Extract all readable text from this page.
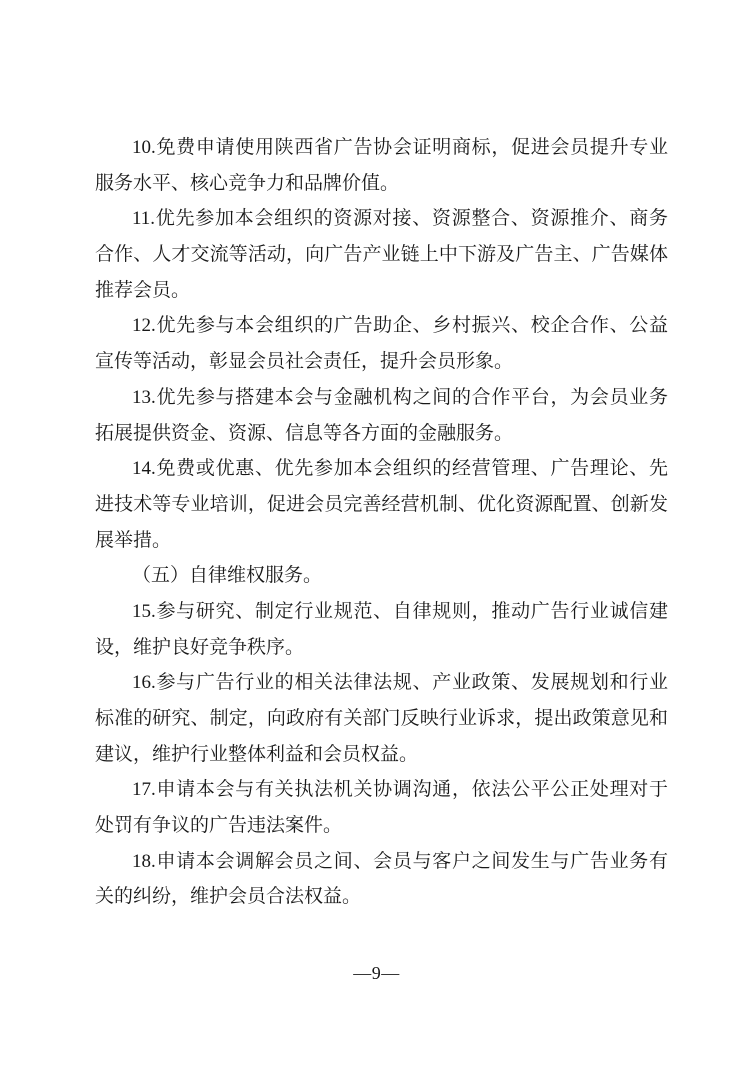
10.免费申请使用陕西省广告协会证明商标，促进会员提升专业
服务水平、核心竞争力和品牌价值。
11.优先参加本会组织的资源对接、资源整合、资源推介、商务
合作、人才交流等活动，向广告产业链上中下游及广告主、广告媒体
推荐会员。
12.优先参与本会组织的广告助企、乡村振兴、校企合作、公益
宣传等活动，彰显会员社会责任，提升会员形象。
13.优先参与搭建本会与金融机构之间的合作平台，为会员业务
拓展提供资金、资源、信息等各方面的金融服务。
14.免费或优惠、优先参加本会组织的经营管理、广告理论、先
进技术等专业培训，促进会员完善经营机制、优化资源配置、创新发
展举措。
（五）自律维权服务。
15.参与研究、制定行业规范、自律规则，推动广告行业诚信建
设，维护良好竞争秩序。
16.参与广告行业的相关法律法规、产业政策、发展规划和行业
标准的研究、制定，向政府有关部门反映行业诉求，提出政策意见和
建议，维护行业整体利益和会员权益。
17.申请本会与有关执法机关协调沟通，依法公平公正处理对于
处罚有争议的广告违法案件。
18.申请本会调解会员之间、会员与客户之间发生与广告业务有
关的纠纷，维护会员合法权益。
—9—
